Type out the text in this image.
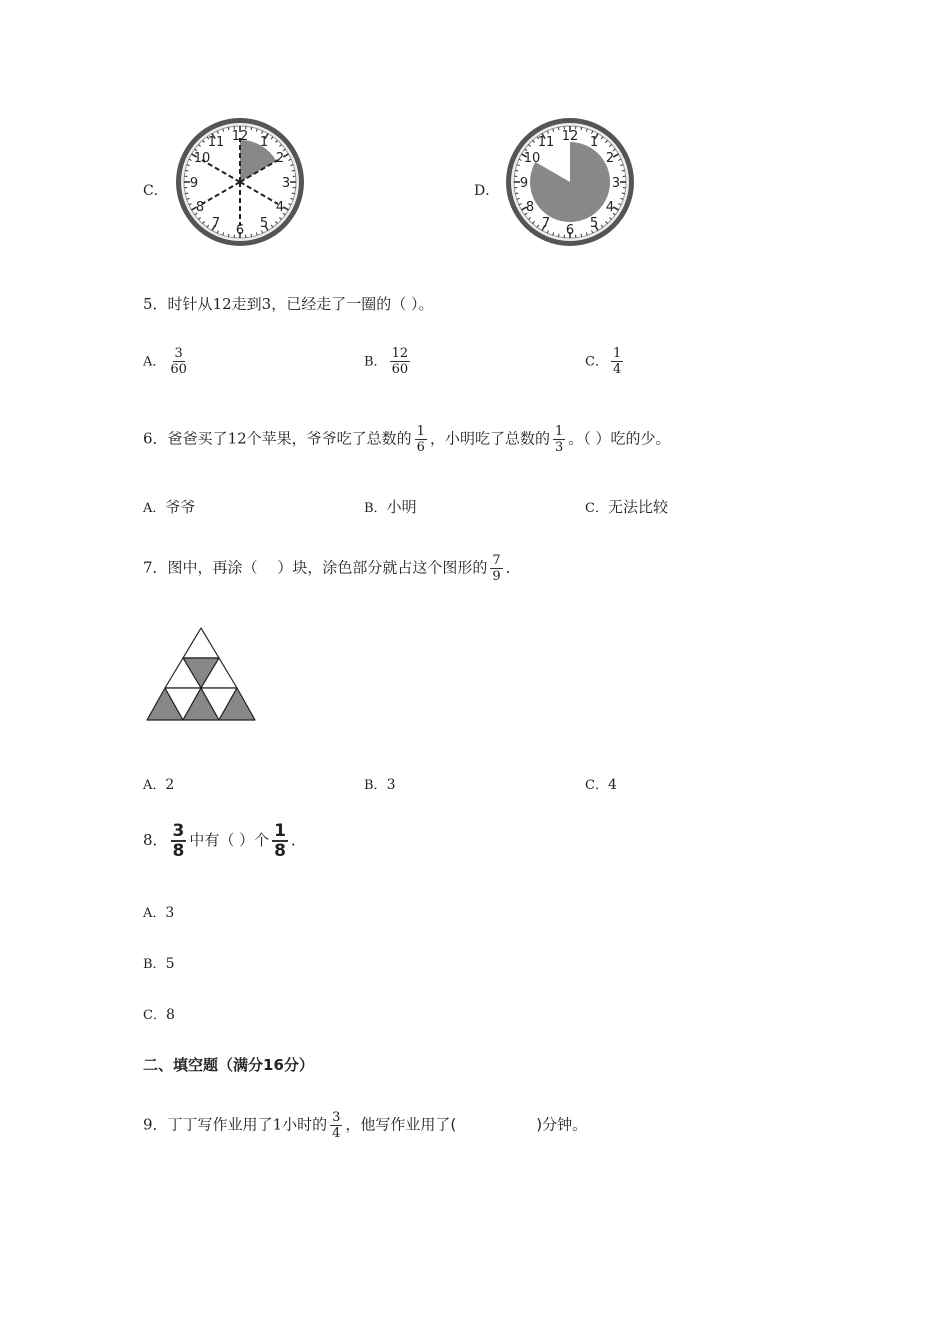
C．
12 1
2
3
4
5
6
7
8
9
10
11
D．
12 1
2
3
4
5
6
7
8
9
10
11
5．时针从12走到3，已经走了一圈的（ ）。
A． $\frac{3}{60}$	B． $\frac{12}{60}$	C． $\frac{1}{4}$
6．爸爸买了12个苹果，爷爷吃了总数的 $\frac{1}{6}$ ，小明吃了总数的 $\frac{1}{3}$ 。（ ）吃的少。
A．爷爷	B．小明	C．无法比较
7．图中，再涂（　 ）块，涂色部分就占这个图形的 $\frac{7}{9}$ ．
A．2	B．3	C．4
8． $\frac{3}{8}$ 中有（ ）个 $\frac{1}{8}$ ．
A．3
B．5
C．8
二、填空题（满分16分）
9．丁丁写作业用了1小时的 $\frac{3}{4}$ ，他写作业用了(	)分钟。
